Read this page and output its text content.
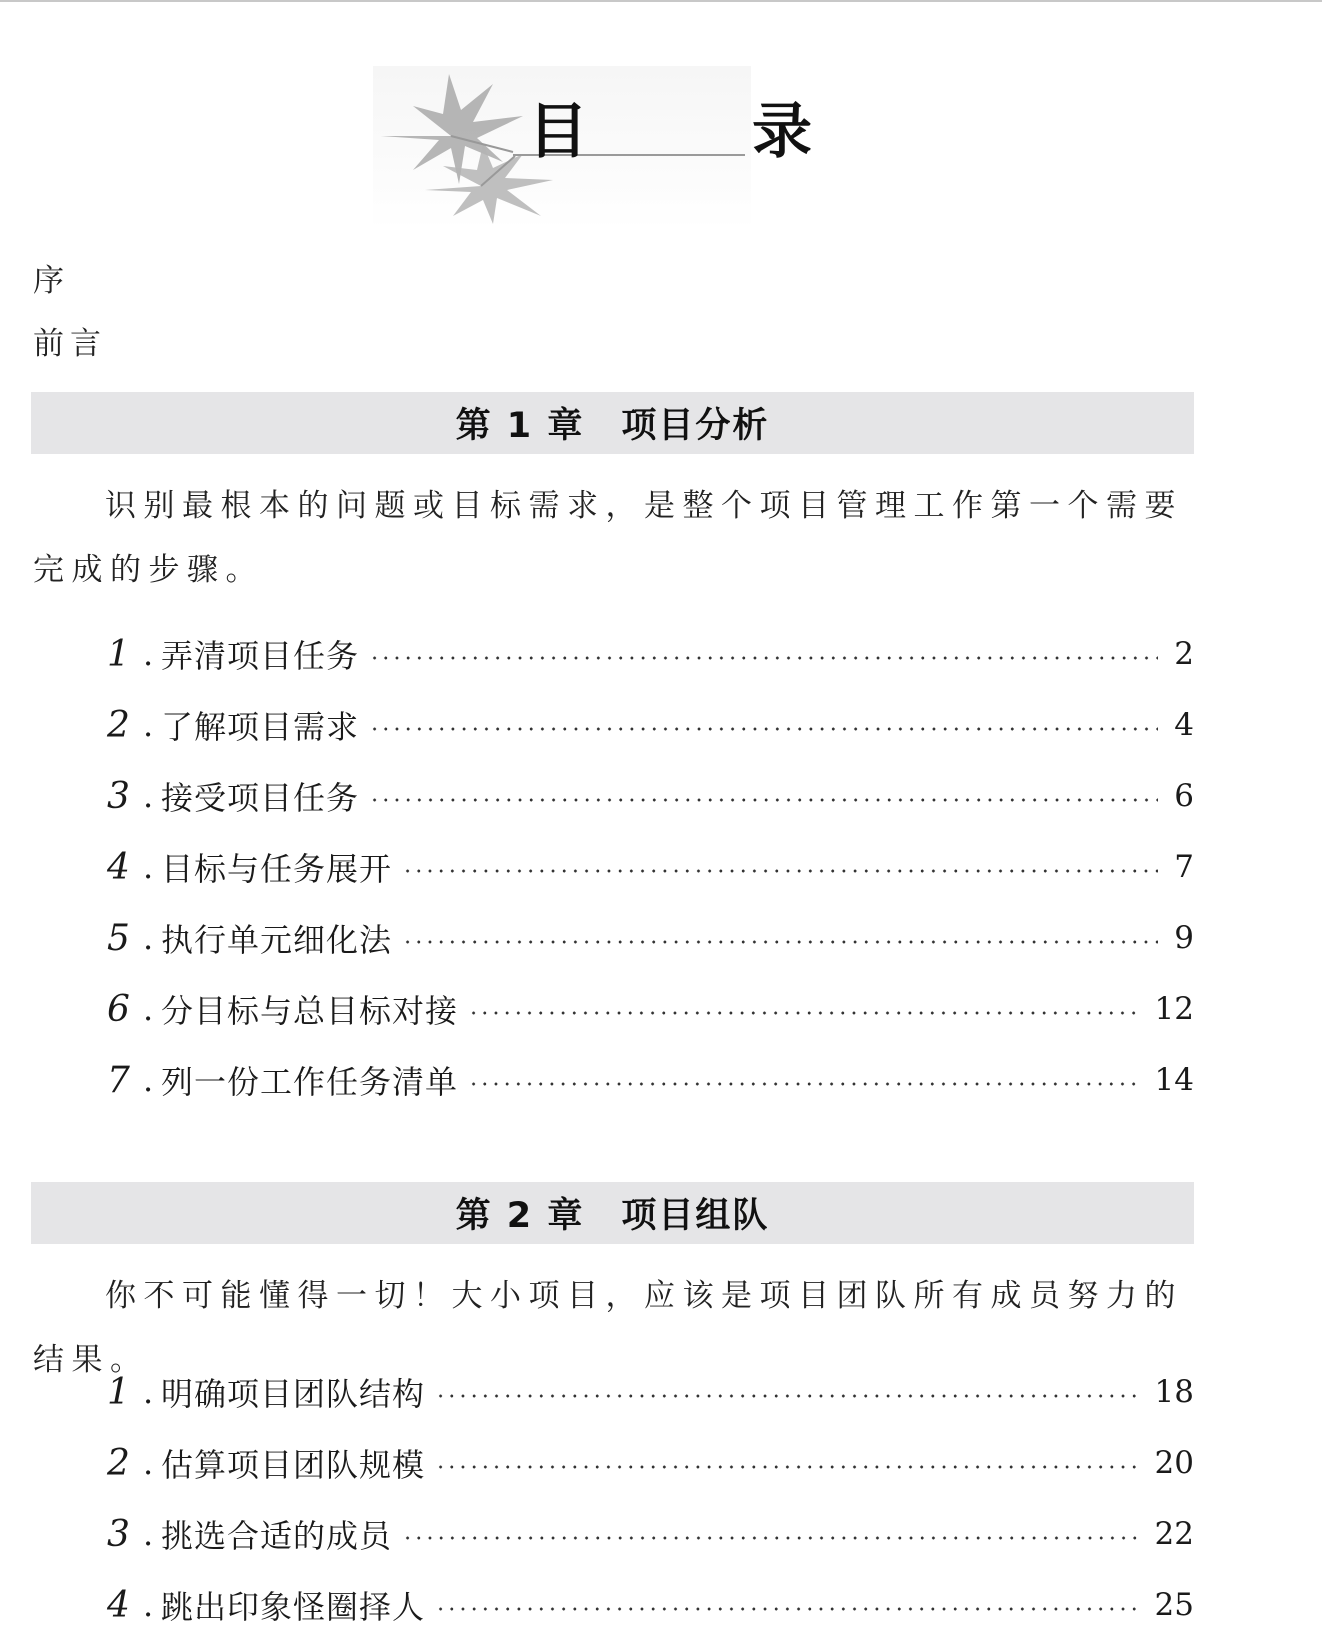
目　录
序
前言
第 1 章　项目分析
识别最根本的问题或目标需求，是整个项目管理工作第一个需要完成的步骤。
1 . 弄清项目任务	2
2 . 了解项目需求	4
3 . 接受项目任务	6
4 . 目标与任务展开	7
5 . 执行单元细化法	9
6 . 分目标与总目标对接	12
7 . 列一份工作任务清单	14
第 2 章　项目组队
你不可能懂得一切！大小项目，应该是项目团队所有成员努力的结果。
1 . 明确项目团队结构	18
2 . 估算项目团队规模	20
3 . 挑选合适的成员	22
4 . 跳出印象怪圈择人	25
